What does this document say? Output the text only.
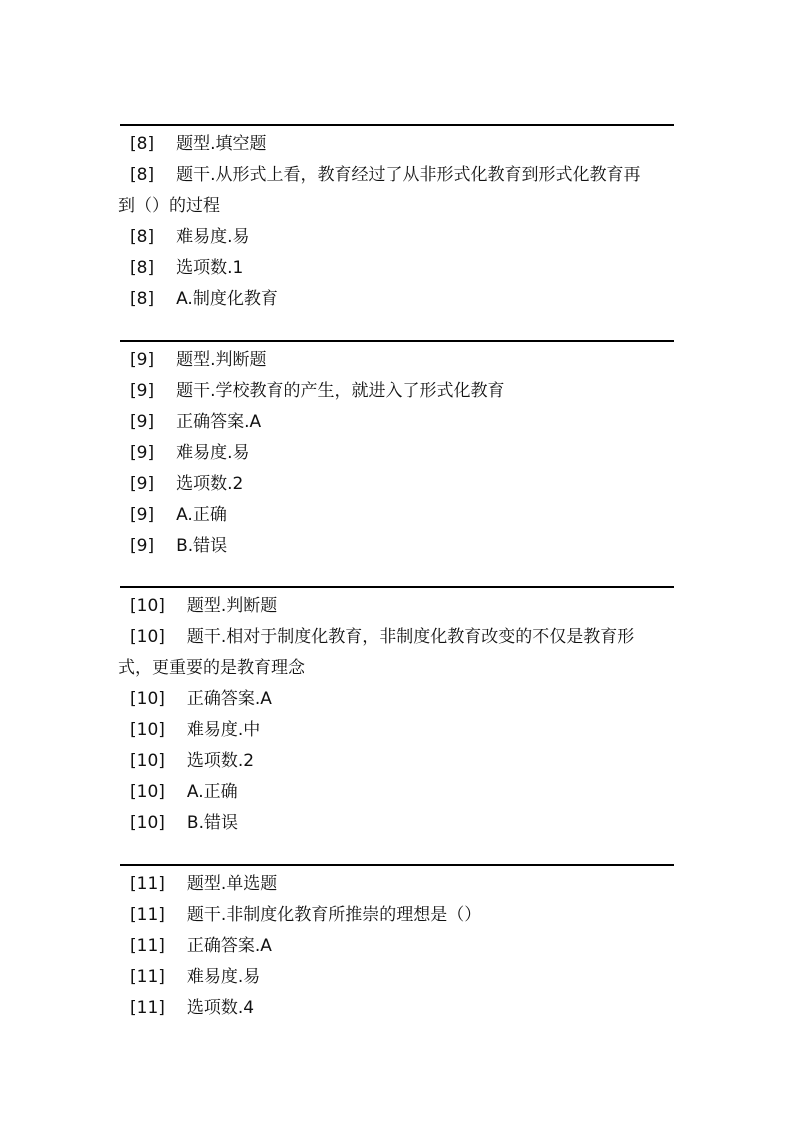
[8] 题型.填空题
[8] 题干.从形式上看，教育经过了从非形式化教育到形式化教育再
到（）的过程
[8] 难易度.易
[8] 选项数.1
[8] A.制度化教育
[9] 题型.判断题
[9] 题干.学校教育的产生，就进入了形式化教育
[9] 正确答案.A
[9] 难易度.易
[9] 选项数.2
[9] A.正确
[9] B.错误
[10] 题型.判断题
[10] 题干.相对于制度化教育，非制度化教育改变的不仅是教育形
式，更重要的是教育理念
[10] 正确答案.A
[10] 难易度.中
[10] 选项数.2
[10] A.正确
[10] B.错误
[11] 题型.单选题
[11] 题干.非制度化教育所推崇的理想是（）
[11] 正确答案.A
[11] 难易度.易
[11] 选项数.4
